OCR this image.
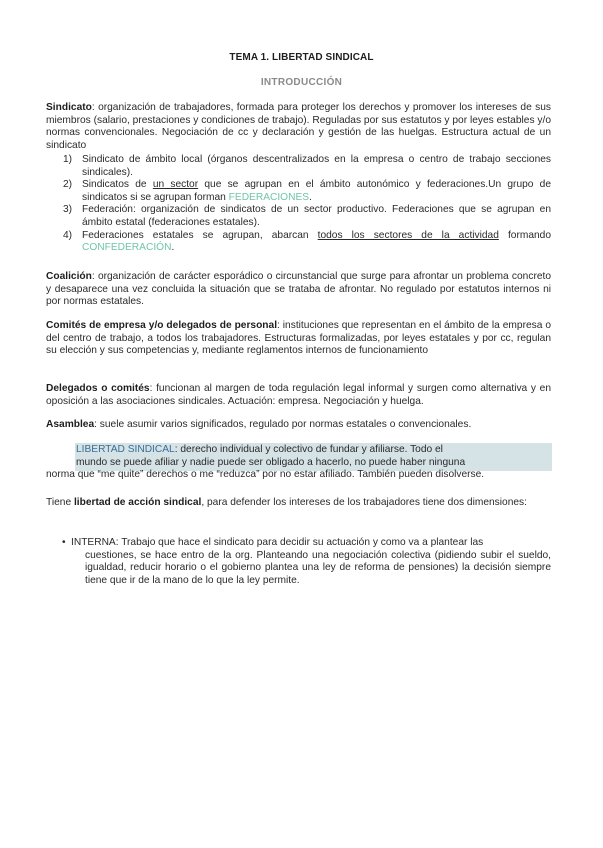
TEMA 1. LIBERTAD SINDICAL
INTRODUCCIÓN
Sindicato: organización de trabajadores, formada para proteger los derechos y promover los intereses de sus miembros (salario, prestaciones y condiciones de trabajo). Reguladas por sus estatutos y por leyes estables y/o normas convencionales. Negociación de cc y declaración y gestión de las huelgas. Estructura actual de un sindicato
1) Sindicato de ámbito local (órganos descentralizados en la empresa o centro de trabajo secciones sindicales).
2) Sindicatos de un sector que se agrupan en el ámbito autonómico y federaciones.Un grupo de sindicatos si se agrupan forman FEDERACIONES.
3) Federación: organización de sindicatos de un sector productivo. Federaciones que se agrupan en ámbito estatal (federaciones estatales).
4) Federaciones estatales se agrupan, abarcan todos los sectores de la actividad formando CONFEDERACIÓN.
Coalición: organización de carácter esporádico o circunstancial que surge para afrontar un problema concreto y desaparece una vez concluida la situación que se trataba de afrontar. No regulado por estatutos internos ni por normas estatales.
Comités de empresa y/o delegados de personal: instituciones que representan en el ámbito de la empresa o del centro de trabajo, a todos los trabajadores. Estructuras formalizadas, por leyes estatales y por cc, regulan su elección y sus competencias y, mediante reglamentos internos de funcionamiento
Delegados o comités: funcionan al margen de toda regulación legal informal y surgen como alternativa y en oposición a las asociaciones sindicales. Actuación: empresa. Negociación y huelga.
Asamblea: suele asumir varios significados, regulado por normas estatales o convencionales.
LIBERTAD SINDICAL: derecho individual y colectivo de fundar y afiliarse. Todo el
mundo se puede afiliar y nadie puede ser obligado a hacerlo, no puede haber ninguna
norma que “me quite” derechos o me “reduzca” por no estar afiliado. También pueden disolverse.
Tiene libertad de acción sindical, para defender los intereses de los trabajadores tiene dos dimensiones:
• INTERNA: Trabajo que hace el sindicato para decidir su actuación y como va a plantear las
cuestiones, se hace entro de la org. Planteando una negociación colectiva (pidiendo subir el sueldo, igualdad, reducir horario o el gobierno plantea una ley de reforma de pensiones) la decisión siempre tiene que ir de la mano de lo que la ley permite.
